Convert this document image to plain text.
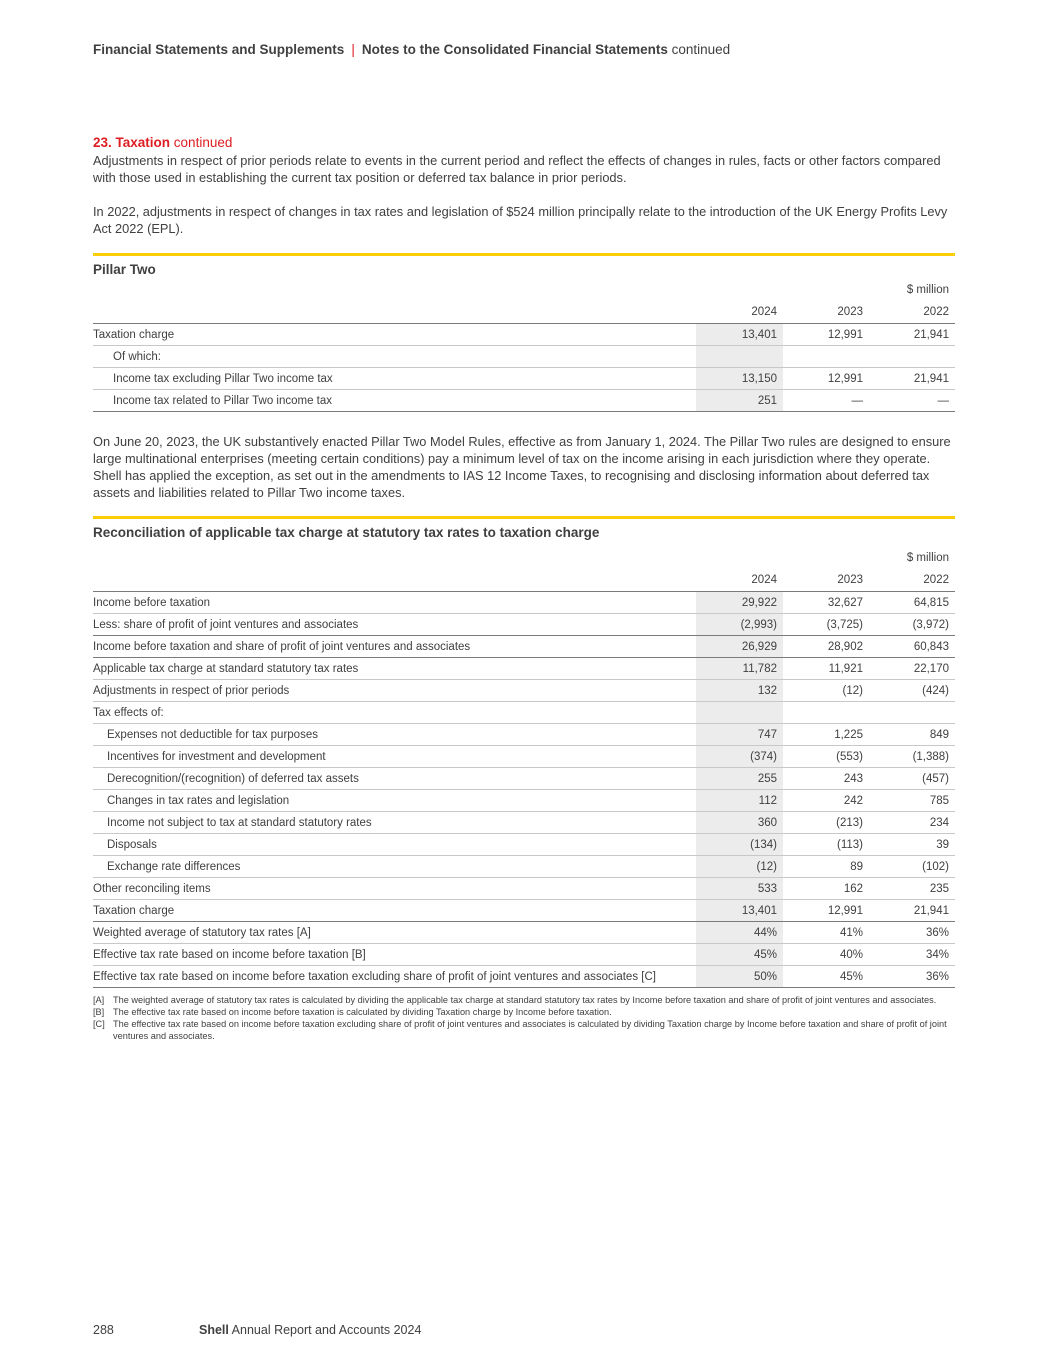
Financial Statements and Supplements | Notes to the Consolidated Financial Statements continued
23. Taxation continued

Adjustments in respect of prior periods relate to events in the current period and reflect the effects of changes in rules, facts or other factors compared with those used in establishing the current tax position or deferred tax balance in prior periods.

In 2022, adjustments in respect of changes in tax rates and legislation of $524 million principally relate to the introduction of the UK Energy Profits Levy Act 2022 (EPL).

Pillar Two
			$ million
	2024	2023	2022
Taxation charge	13,401	12,991	21,941
Of which:			
Income tax excluding Pillar Two income tax	13,150	12,991	21,941
Income tax related to Pillar Two income tax	251	—	—

On June 20, 2023, the UK substantively enacted Pillar Two Model Rules, effective as from January 1, 2024. The Pillar Two rules are designed to ensure large multinational enterprises (meeting certain conditions) pay a minimum level of tax on the income arising in each jurisdiction where they operate. Shell has applied the exception, as set out in the amendments to IAS 12 Income Taxes, to recognising and disclosing information about deferred tax assets and liabilities related to Pillar Two income taxes.

Reconciliation of applicable tax charge at statutory tax rates to taxation charge
			$ million
	2024	2023	2022
Income before taxation	29,922	32,627	64,815
Less: share of profit of joint ventures and associates	(2,993)	(3,725)	(3,972)
Income before taxation and share of profit of joint ventures and associates	26,929	28,902	60,843
Applicable tax charge at standard statutory tax rates	11,782	11,921	22,170
Adjustments in respect of prior periods	132	(12)	(424)
Tax effects of:			
Expenses not deductible for tax purposes	747	1,225	849
Incentives for investment and development	(374)	(553)	(1,388)
Derecognition/(recognition) of deferred tax assets	255	243	(457)
Changes in tax rates and legislation	112	242	785
Income not subject to tax at standard statutory rates	360	(213)	234
Disposals	(134)	(113)	39
Exchange rate differences	(12)	89	(102)
Other reconciling items	533	162	235
Taxation charge	13,401	12,991	21,941
Weighted average of statutory tax rates [A]	44%	41%	36%
Effective tax rate based on income before taxation [B]	45%	40%	34%
Effective tax rate based on income before taxation excluding share of profit of joint ventures and associates [C]	50%	45%	36%
[A] The weighted average of statutory tax rates is calculated by dividing the applicable tax charge at standard statutory tax rates by Income before taxation and share of profit of joint ventures and associates.
[B] The effective tax rate based on income before taxation is calculated by dividing Taxation charge by Income before taxation.
[C] The effective tax rate based on income before taxation excluding share of profit of joint ventures and associates is calculated by dividing Taxation charge by Income before taxation and share of profit of joint ventures and associates.
288	Shell Annual Report and Accounts 2024
